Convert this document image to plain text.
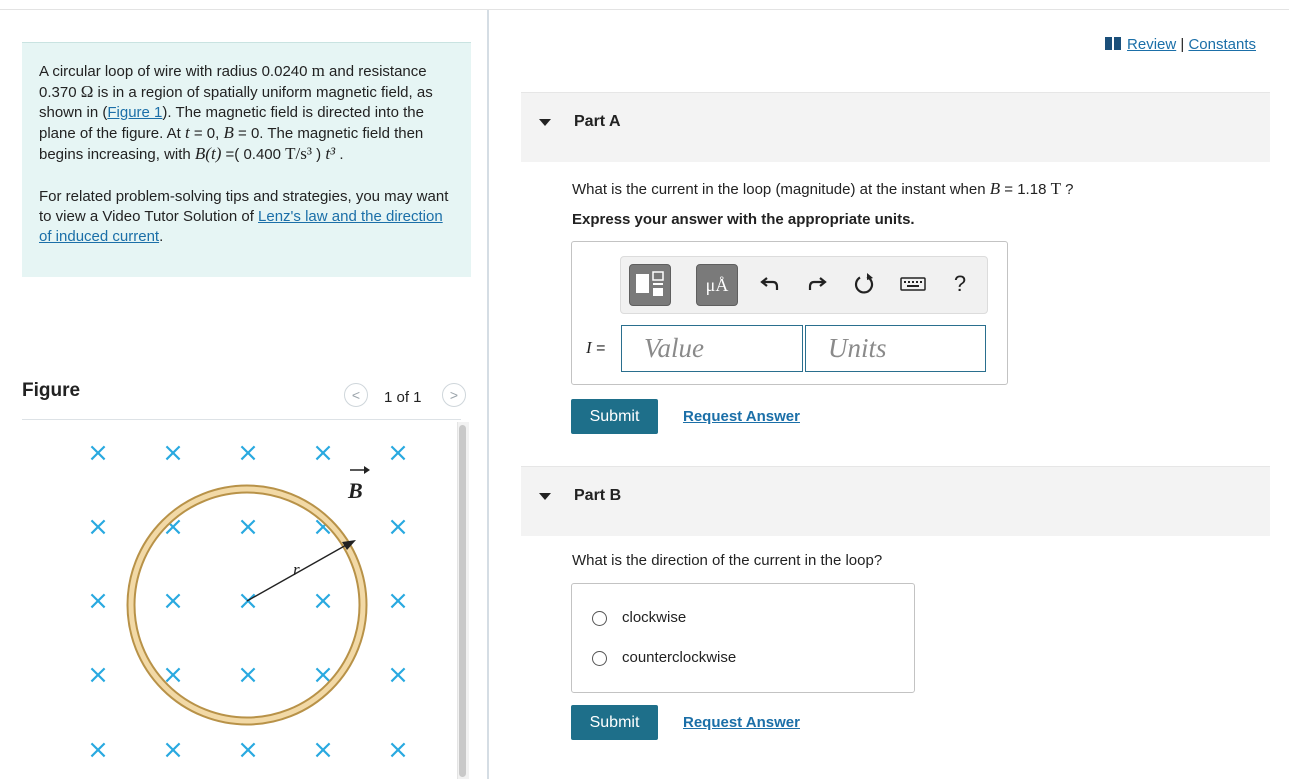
A circular loop of wire with radius 0.0240 m and resistance 0.370 Ω is in a region of spatially uniform magnetic field, as shown in (Figure 1). The magnetic field is directed into the plane of the figure. At t = 0, B = 0. The magnetic field then begins increasing, with B(t) =( 0.400 T/s³ ) t³ .

For related problem-solving tips and strategies, you may want to view a Video Tutor Solution of Lenz's law and the direction of induced current.

Figure	<	1 of 1	>
× × × × ×
× × × × ×
× × × × ×
× × × × ×
× × × × ×
r
B
Review | Constants
Part A
What is the current in the loop (magnitude) at the instant when B = 1.18 T ?
Express your answer with the appropriate units.
μÅ	?
I =
Value
Units
Submit	Request Answer
Part B
What is the direction of the current in the loop?
clockwise
counterclockwise
Submit	Request Answer
